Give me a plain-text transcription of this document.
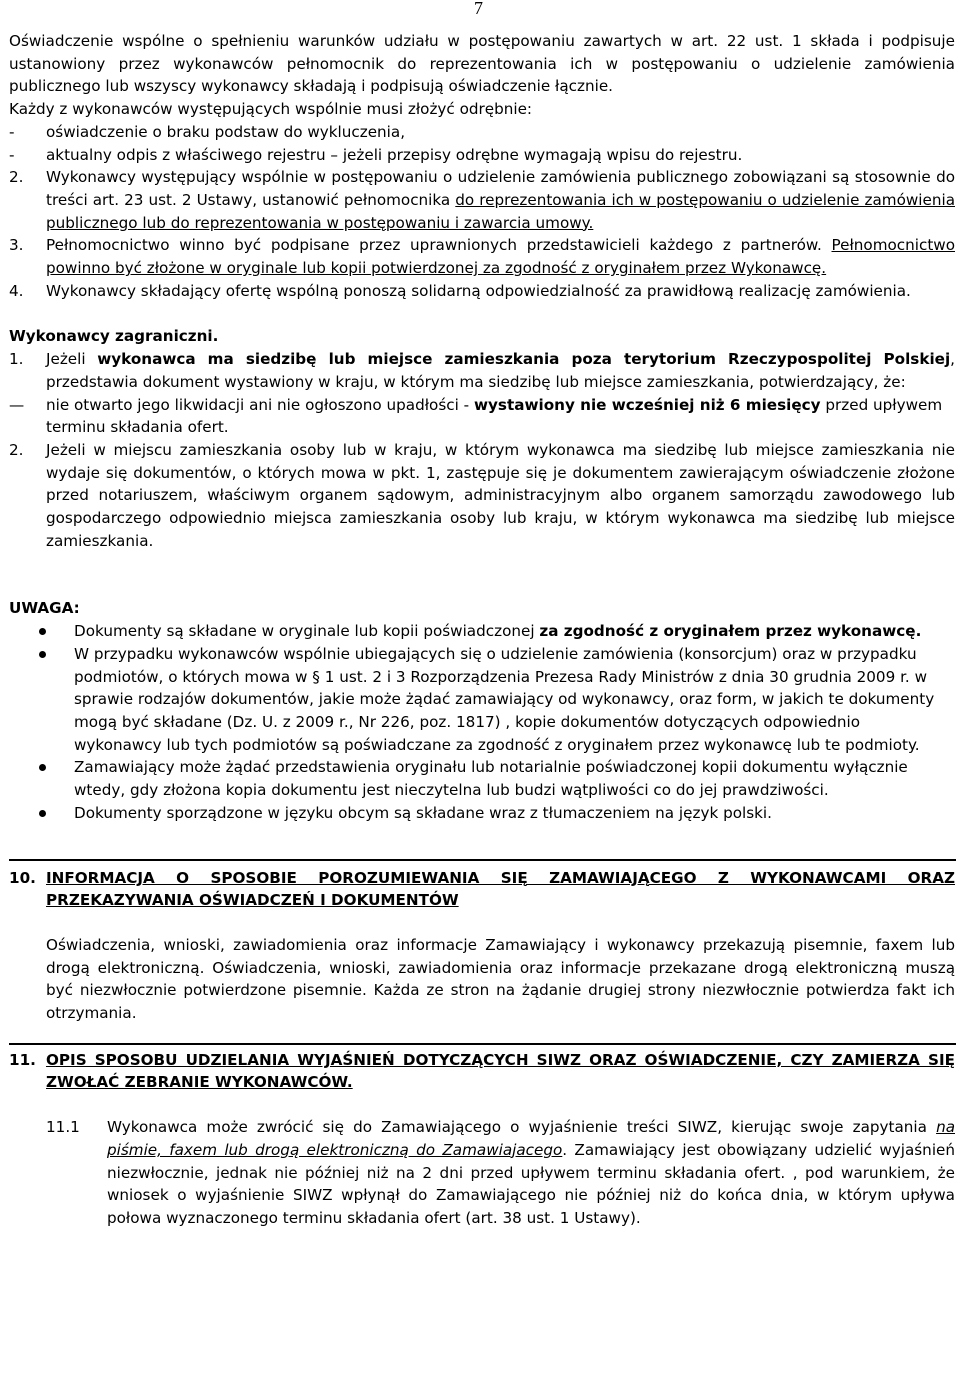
7

Oświadczenie wspólne o spełnieniu warunków udziału w postępowaniu zawartych w art. 22 ust. 1 składa i podpisuje ustanowiony przez wykonawców pełnomocnik do reprezentowania ich w postępowaniu o udzielenie zamówienia publicznego lub wszyscy wykonawcy składają i podpisują oświadczenie łącznie.

Każdy z wykonawców występujących wspólnie musi złożyć odrębnie:

-	oświadczenie o braku podstaw do wykluczenia,
-	aktualny odpis z właściwego rejestru – jeżeli przepisy odrębne wymagają wpisu do rejestru.
2.	Wykonawcy występujący wspólnie w postępowaniu o udzielenie zamówienia publicznego zobowiązani są stosownie do treści art. 23 ust. 2 Ustawy, ustanowić pełnomocnika do reprezentowania ich w postępowaniu o udzielenie zamówienia publicznego lub do reprezentowania w postępowaniu i zawarcia umowy.
3.	Pełnomocnictwo winno być podpisane przez uprawnionych przedstawicieli każdego z partnerów. Pełnomocnictwo powinno być złożone w oryginale lub kopii potwierdzonej za zgodność z oryginałem przez Wykonawcę.
4.	Wykonawcy składający ofertę wspólną ponoszą solidarną odpowiedzialność za prawidłową realizację zamówienia.

Wykonawcy zagraniczni.

1.	Jeżeli wykonawca ma siedzibę lub miejsce zamieszkania poza terytorium Rzeczypospolitej Polskiej, przedstawia dokument wystawiony w kraju, w którym ma siedzibę lub miejsce zamieszkania, potwierdzający, że:
—	nie otwarto jego likwidacji ani nie ogłoszono upadłości - wystawiony nie wcześniej niż 6 miesięcy przed upływem terminu składania ofert.
2.	Jeżeli w miejscu zamieszkania osoby lub w kraju, w którym wykonawca ma siedzibę lub miejsce zamieszkania nie wydaje się dokumentów, o których mowa w pkt. 1, zastępuje się je dokumentem zawierającym oświadczenie złożone przed notariuszem, właściwym organem sądowym, administracyjnym albo organem samorządu zawodowego lub gospodarczego odpowiednio miejsca zamieszkania osoby lub kraju, w którym wykonawca ma siedzibę lub miejsce zamieszkania.

UWAGA:

Dokumenty są składane w oryginale lub kopii poświadczonej za zgodność z oryginałem przez wykonawcę.
W przypadku wykonawców wspólnie ubiegających się o udzielenie zamówienia (konsorcjum) oraz w przypadku podmiotów, o których mowa w § 1 ust. 2 i 3 Rozporządzenia Prezesa Rady Ministrów z dnia 30 grudnia 2009 r. w sprawie rodzajów dokumentów, jakie może żądać zamawiający od wykonawcy, oraz form, w jakich te dokumenty mogą być składane (Dz. U. z 2009 r., Nr 226, poz. 1817) , kopie dokumentów dotyczących odpowiednio wykonawcy lub tych podmiotów są poświadczane za zgodność z oryginałem przez wykonawcę lub te podmioty.
Zamawiający może żądać przedstawienia oryginału lub notarialnie poświadczonej kopii dokumentu wyłącznie wtedy, gdy złożona kopia dokumentu jest nieczytelna lub budzi wątpliwości co do jej prawdziwości.
Dokumenty sporządzone w języku obcym są składane wraz z tłumaczeniem na język polski.
10. INFORMACJA O SPOSOBIE POROZUMIEWANIA SIĘ ZAMAWIAJĄCEGO Z WYKONAWCAMI ORAZ PRZEKAZYWANIA OŚWIADCZEŃ I DOKUMENTÓW

Oświadczenia, wnioski, zawiadomienia oraz informacje Zamawiający i wykonawcy przekazują pisemnie, faxem lub drogą elektroniczną. Oświadczenia, wnioski, zawiadomienia oraz informacje przekazane drogą elektroniczną muszą być niezwłocznie potwierdzone pisemnie. Każda ze stron na żądanie drugiej strony niezwłocznie potwierdza fakt ich otrzymania.

11. OPIS SPOSOBU UDZIELANIA WYJAŚNIEŃ DOTYCZĄCYCH SIWZ ORAZ OŚWIADCZENIE, CZY ZAMIERZA SIĘ ZWOŁAĆ ZEBRANIE WYKONAWCÓW.
11.1	Wykonawca może zwrócić się do Zamawiającego o wyjaśnienie treści SIWZ, kierując swoje zapytania na piśmie, faxem lub drogą elektroniczną do Zamawiajacego. Zamawiający jest obowiązany udzielić wyjaśnień niezwłocznie, jednak nie później niż na 2 dni przed upływem terminu składania ofert. , pod warunkiem, że wniosek o wyjaśnienie SIWZ wpłynął do Zamawiającego nie później niż do końca dnia, w którym upływa połowa wyznaczonego terminu składania ofert (art. 38 ust. 1 Ustawy).
